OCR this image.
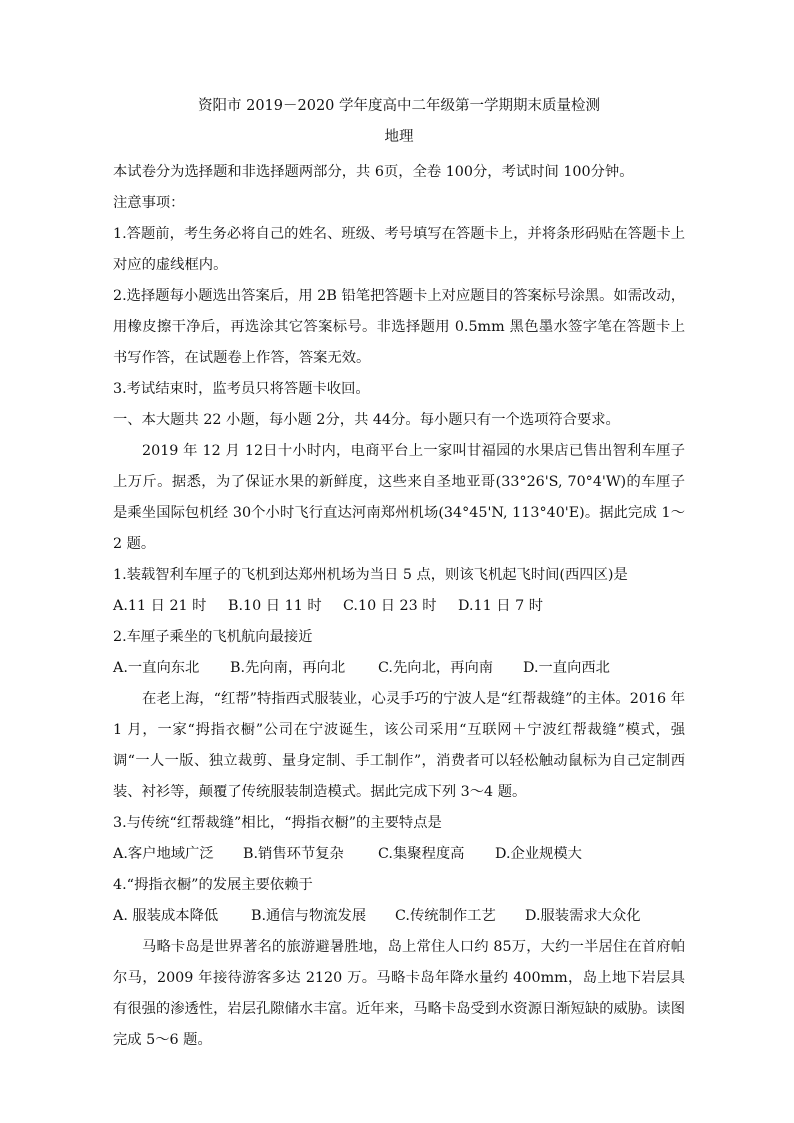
资阳市 2019－2020 学年度高中二年级第一学期期末质量检测
地理

本试卷分为选择题和非选择题两部分，共 6页，全卷 100分，考试时间 100分钟。

注意事项：

1.答题前，考生务必将自己的姓名、班级、考号填写在答题卡上，并将条形码贴在答题卡上对应的虚线框内。

2.选择题每小题选出答案后，用 2B 铅笔把答题卡上对应题目的答案标号涂黑。如需改动，用橡皮擦干净后，再选涂其它答案标号。非选择题用 0.5mm 黑色墨水签字笔在答题卡上书写作答，在试题卷上作答，答案无效。

3.考试结束时，监考员只将答题卡收回。

一、本大题共 22 小题，每小题 2分，共 44分。每小题只有一个选项符合要求。

2019 年 12 月 12日十小时内，电商平台上一家叫甘福园的水果店已售出智利车厘子上万斤。据悉，为了保证水果的新鲜度，这些来自圣地亚哥(33°26'S, 70°4'W)的车厘子是乘坐国际包机经 30个小时飞行直达河南郑州机场(34°45'N, 113°40'E)。据此完成 1～2 题。

1.装载智利车厘子的飞机到达郑州机场为当日 5 点，则该飞机起飞时间(西四区)是

A.11 日 21 时	B.10 日 11 时	C.10 日 23 时	D.11 日 7 时

2.车厘子乘坐的飞机航向最接近

A.一直向东北	B.先向南，再向北	C.先向北，再向南	D.一直向西北

在老上海，“红帮”特指西式服装业，心灵手巧的宁波人是“红帮裁缝”的主体。2016 年 1 月，一家“拇指衣橱”公司在宁波诞生，该公司采用“互联网＋宁波红帮裁缝”模式，强调“一人一版、独立裁剪、量身定制、手工制作”，消费者可以轻松触动鼠标为自己定制西装、衬衫等，颠覆了传统服装制造模式。据此完成下列 3～4 题。

3.与传统“红帮裁缝”相比，“拇指衣橱”的主要特点是

A.客户地域广泛	B.销售环节复杂	C.集聚程度高	D.企业规模大

4.“拇指衣橱”的发展主要依赖于

A. 服装成本降低	B.通信与物流发展	C.传统制作工艺	D.服装需求大众化

马略卡岛是世界著名的旅游避暑胜地，岛上常住人口约 85万，大约一半居住在首府帕尔马，2009 年接待游客多达 2120 万。马略卡岛年降水量约 400mm，岛上地下岩层具有很强的渗透性，岩层孔隙储水丰富。近年来，马略卡岛受到水资源日渐短缺的威胁。读图完成 5～6 题。
